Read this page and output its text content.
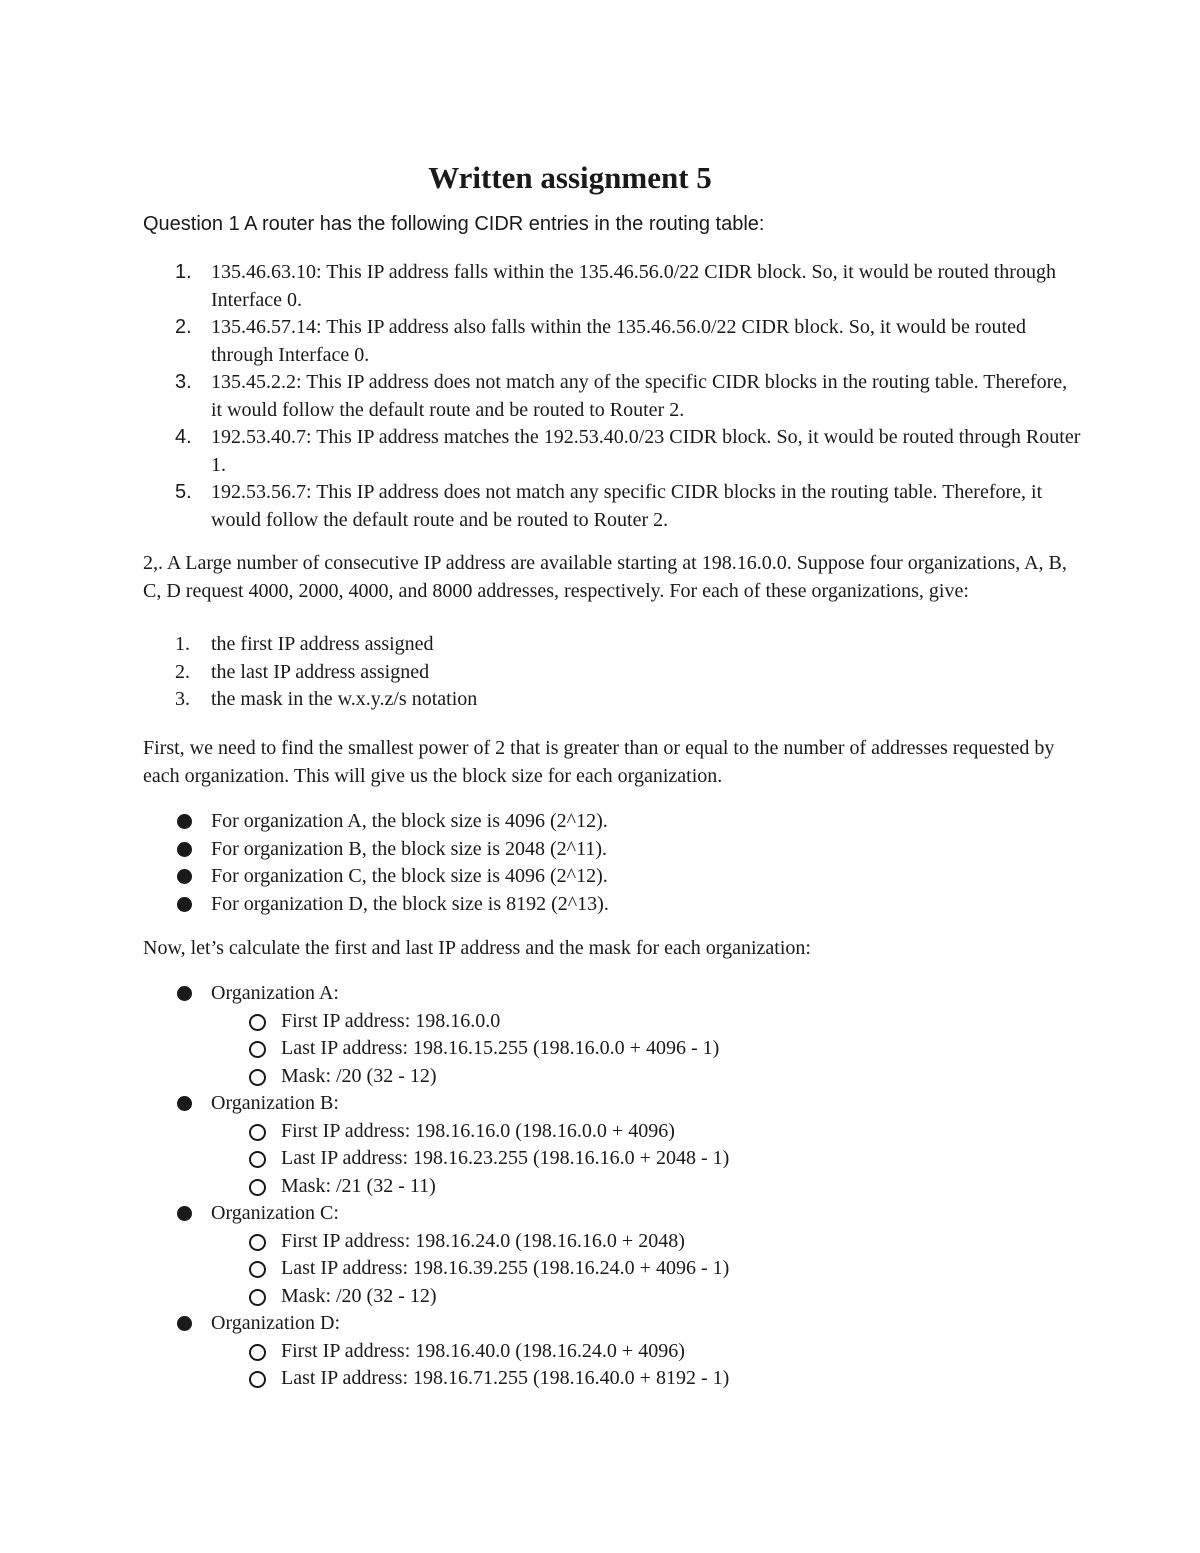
Written assignment 5

Question 1 A router has the following CIDR entries in the routing table:

1. 135.46.63.10: This IP address falls within the 135.46.56.0/22 CIDR block. So, it would be routed through Interface 0.
2. 135.46.57.14: This IP address also falls within the 135.46.56.0/22 CIDR block. So, it would be routed through Interface 0.
3. 135.45.2.2: This IP address does not match any of the specific CIDR blocks in the routing table. Therefore, it would follow the default route and be routed to Router 2.
4. 192.53.40.7: This IP address matches the 192.53.40.0/23 CIDR block. So, it would be routed through Router 1.
5. 192.53.56.7: This IP address does not match any specific CIDR blocks in the routing table. Therefore, it would follow the default route and be routed to Router 2.

2,. A Large number of consecutive IP address are available starting at 198.16.0.0. Suppose four organizations, A, B, C, D request 4000, 2000, 4000, and 8000 addresses, respectively. For each of these organizations, give:

1.	the first IP address assigned
2.	the last IP address assigned
3.	the mask in the w.x.y.z/s notation

First, we need to find the smallest power of 2 that is greater than or equal to the number of addresses requested by each organization. This will give us the block size for each organization.

For organization A, the block size is 4096 (2^12).
For organization B, the block size is 2048 (2^11).
For organization C, the block size is 4096 (2^12).
For organization D, the block size is 8192 (2^13).

Now, let’s calculate the first and last IP address and the mask for each organization:

Organization A:
First IP address: 198.16.0.0
Last IP address: 198.16.15.255 (198.16.0.0 + 4096 - 1)
Mask: /20 (32 - 12)
Organization B:
First IP address: 198.16.16.0 (198.16.0.0 + 4096)
Last IP address: 198.16.23.255 (198.16.16.0 + 2048 - 1)
Mask: /21 (32 - 11)
Organization C:
First IP address: 198.16.24.0 (198.16.16.0 + 2048)
Last IP address: 198.16.39.255 (198.16.24.0 + 4096 - 1)
Mask: /20 (32 - 12)
Organization D:
First IP address: 198.16.40.0 (198.16.24.0 + 4096)
Last IP address: 198.16.71.255 (198.16.40.0 + 8192 - 1)
